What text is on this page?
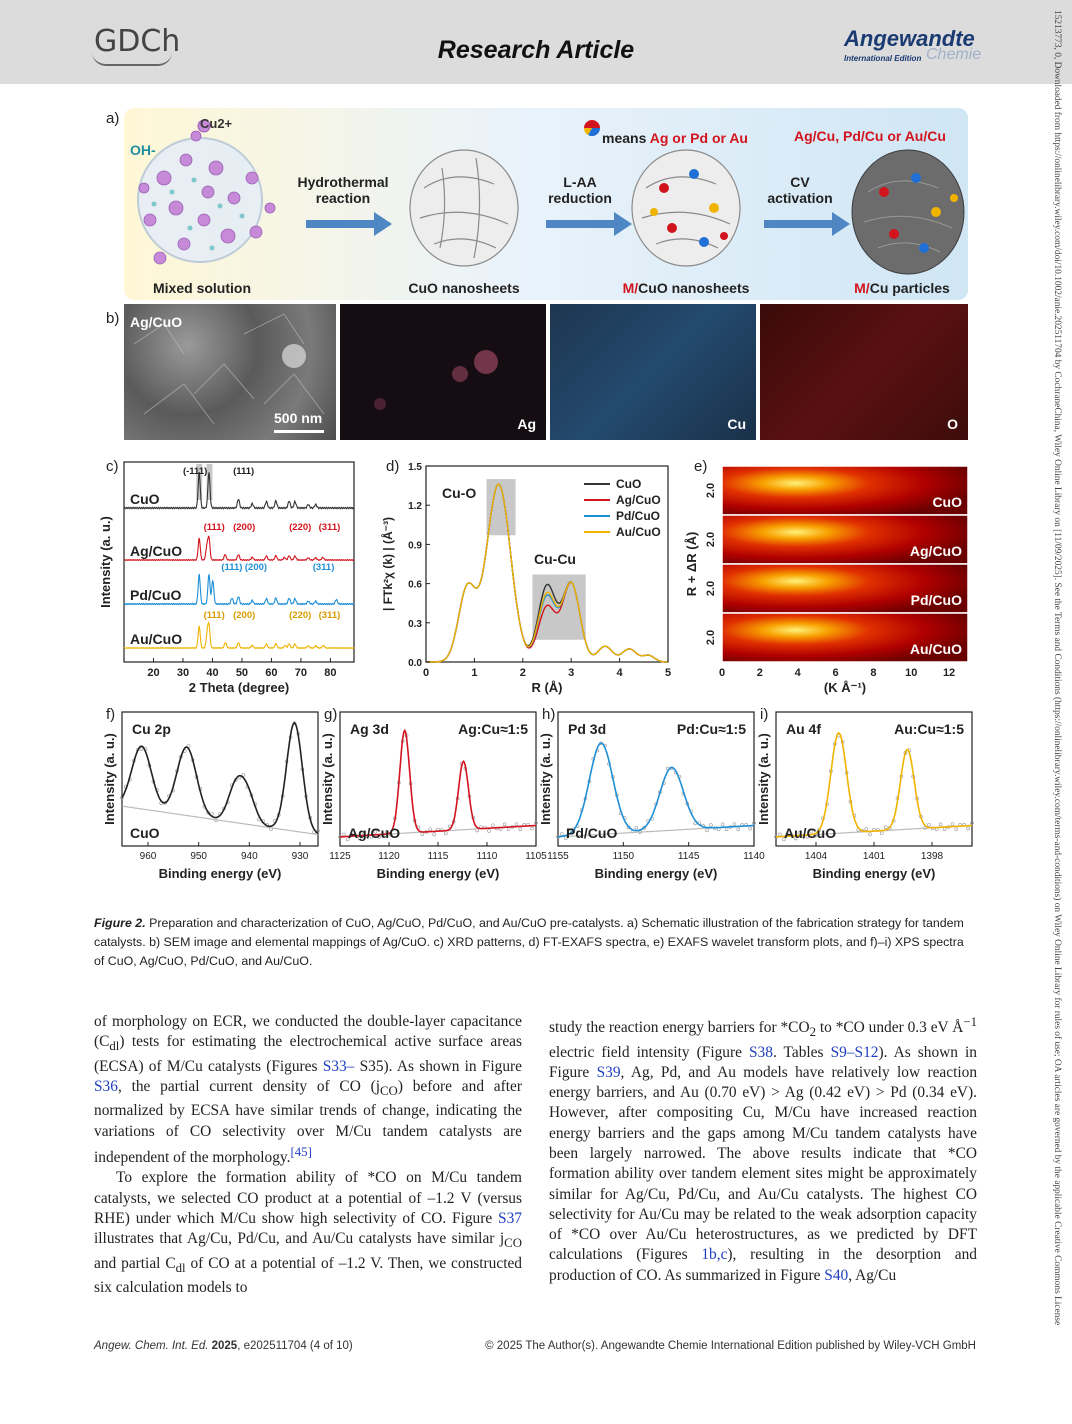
GDCh	Research Article	Angewandte
International Edition Chemie	15213773, 0, Downloaded from https://onlinelibrary.wiley.com/doi/10.1002/anie.202511704 by CochraneChina, Wiley Online Library on [11/09/2025]. See the Terms and Conditions (https://onlinelibrary.wiley.com/terms-and-conditions) on Wiley Online Library for rules of use; OA articles are governed by the applicable Creative Commons License
a)	Cu2+
OH-
Hydrothermal
reaction
L-AA
reduction
CV
activation
means Ag or Pd or Au	Ag/Cu, Pd/Cu or Au/Cu
Mixed solution	CuO nanosheets	M/CuO nanosheets	M/Cu particles
b) Ag/CuO
500 nm	Ag	Cu	O
c)	d)	e)
CuO
Ag/CuO
Pd/CuO
Au/CuO
(-111)	(111)
(111) (200)	(220) (311)
(111) (200)	(311)
(111) (200)	(220) (311)
20 30 40 50 60 70 80
2 Theta (degree)
Intensity (a. u.)
CuO
Ag/CuO
Pd/CuO
Au/CuO
Cu-O
Cu-Cu
0	1	2	3	4	5
0.0
0.3
0.6
0.9
1.2
1.5
R (Å)
| FTk²χ (k) | (Å⁻³)
CuO
2.0
Ag/CuO
2.0
Pd/CuO
2.0
Au/CuO
2.0
0	2	4	6	8	10 12
(K Å⁻¹)
R + ΔR (Å)
f)	g)	h)	i)
Cu 2p
CuO
960	950	940	930
Binding energy (eV)
Intensity (a. u.)
Ag 3d	Ag:Cu≈1:5
Ag/CuO
1125	1120	1115	1110	1105
Binding energy (eV)
Intensity (a. u.)
Pd 3d	Pd:Cu≈1:5
Pd/CuO
1155	1150	1145	1140
Binding energy (eV)
Intensity (a. u.)
Au 4f	Au:Cu≈1:5
Au/CuO
1404	1401	1398
Binding energy (eV)
Intensity (a. u.)
Figure 2. Preparation and characterization of CuO, Ag/CuO, Pd/CuO, and Au/CuO pre-catalysts. a) Schematic illustration of the fabrication strategy for tandem catalysts. b) SEM image and elemental mappings of Ag/CuO. c) XRD patterns, d) FT-EXAFS spectra, e) EXAFS wavelet transform plots, and f)–i) XPS spectra of CuO, Ag/CuO, Pd/CuO, and Au/CuO.

of morphology on ECR, we conducted the double-layer capacitance $(C_{dl})$ tests for estimating the electrochemical active surface areas (ECSA) of M/Cu catalysts (Figures S33– S35). As shown in Figure S36, the partial current density of CO $(j_{CO})$ before and after normalized by ECSA have similar trends of change, indicating the variations of CO selectivity over M/Cu tandem catalysts are independent of the morphology.[45]

To explore the formation ability of *CO on M/Cu tandem catalysts, we selected CO product at a potential of –1.2 V (versus RHE) under which M/Cu show high selectivity of CO. Figure S37 illustrates that Ag/Cu, Pd/Cu, and Au/Cu catalysts have similar $j_{CO}$ and partial $C_{dl}$ of CO at a potential of –1.2 V. Then, we constructed six calculation models to

study the reaction energy barriers for $*CO_2$ to *CO under 0.3 eV $Å^{-1}$ electric field intensity (Figure S38. Tables S9–S12). As shown in Figure S39, Ag, Pd, and Au models have relatively low reaction energy barriers, and Au (0.70 eV) > Ag (0.42 eV) > Pd (0.34 eV). However, after compositing Cu, M/Cu have increased reaction energy barriers and the gaps among M/Cu tandem catalysts have been largely narrowed. The above results indicate that *CO formation ability over tandem element sites might be approximately similar for Ag/Cu, Pd/Cu, and Au/Cu catalysts. The highest CO selectivity for Au/Cu may be related to the weak adsorption capacity of *CO over Au/Cu heterostructures, as we predicted by DFT calculations (Figures 1b,c), resulting in the desorption and production of CO. As summarized in Figure S40, Ag/Cu

Angew. Chem. Int. Ed. 2025, e202511704 (4 of 10)	© 2025 The Author(s). Angewandte Chemie International Edition published by Wiley-VCH GmbH
